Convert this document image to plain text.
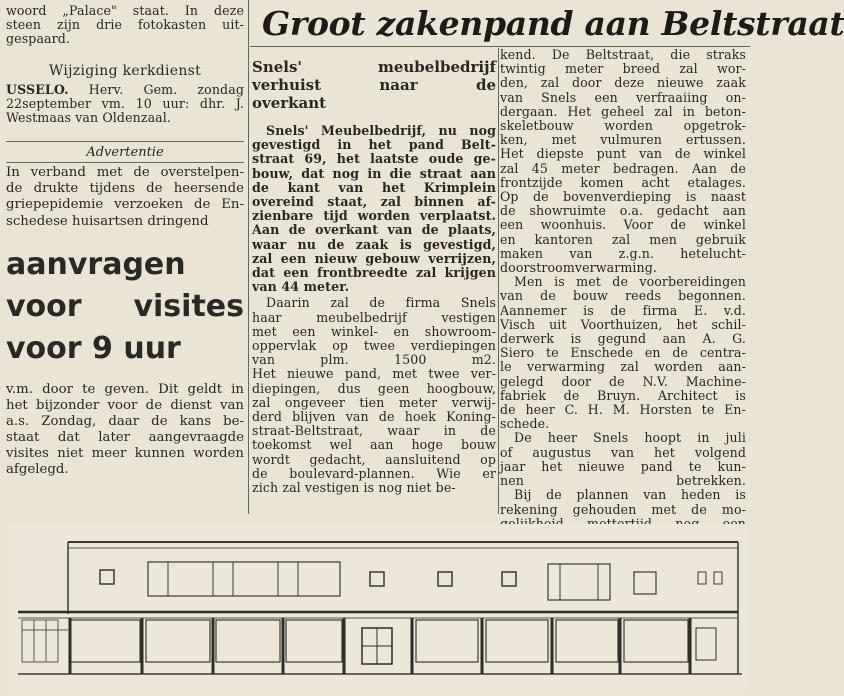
Groot zakenpand aan Beltstraat

woord „Palace" staat. In deze

steen zijn drie fotokasten uit-

gespaard.

Wijziging kerkdienst

USSELO. Herv. Gem. zondag

22september vm. 10 uur: dhr. J.

Westmaas van Oldenzaal.

Advertentie

In verband met de overstelpen-

de drukte tijdens de heersende

griepepidemie verzoeken de En-

schedese huisartsen dringend

aanvragen

voor visites

voor 9 uur

v.m. door te geven. Dit geldt in

het bijzonder voor de dienst van

a.s. Zondag, daar de kans be-

staat dat later aangevraagde

visites niet meer kunnen worden

afgelegd.

Snels' meubelbedrijf

verhuist naar de

overkant

Snels' Meubelbedrijf, nu nog

gevestigd in het pand Belt-

straat 69, het laatste oude ge-

bouw, dat nog in die straat aan

de kant van het Krimplein

overeind staat, zal binnen af-

zienbare tijd worden verplaatst.

Aan de overkant van de plaats,

waar nu de zaak is gevestigd,

zal een nieuw gebouw verrijzen,

dat een frontbreedte zal krijgen

van 44 meter.

Daarin zal de firma Snels

haar meubelbedrijf vestigen

met een winkel- en showroom-

oppervlak op twee verdiepingen

van plm. 1500 m2.

Het nieuwe pand, met twee ver-

diepingen, dus geen hoogbouw,

zal ongeveer tien meter verwij-

derd blijven van de hoek Koning-

straat-Beltstraat, waar in de

toekomst wel aan hoge bouw

wordt gedacht, aansluitend op

de boulevard-plannen. Wie er

zich zal vestigen is nog niet be-

kend. De Beltstraat, die straks

twintig meter breed zal wor-

den, zal door deze nieuwe zaak

van Snels een verfraaiing on-

dergaan. Het geheel zal in beton-

skeletbouw worden opgetrok-

ken, met vulmuren ertussen.

Het diepste punt van de winkel

zal 45 meter bedragen. Aan de

frontzijde komen acht etalages.

Op de bovenverdieping is naast

de showruimte o.a. gedacht aan

een woonhuis. Voor de winkel

en kantoren zal men gebruik

maken van z.g.n. hetelucht-

doorstroomverwarming.

Men is met de voorbereidingen

van de bouw reeds begonnen.

Aannemer is de firma E. v.d.

Visch uit Voorthuizen, het schil-

derwerk is gegund aan A. G.

Siero te Enschede en de centra-

le verwarming zal worden aan-

gelegd door de N.V. Machine-

fabriek de Bruyn. Architect is

de heer C. H. M. Horsten te En-

schede.

De heer Snels hoopt in juli

of augustus van het volgend

jaar het nieuwe pand te kun-

nen betrekken.

Bij de plannen van heden is

rekening gehouden met de mo-
